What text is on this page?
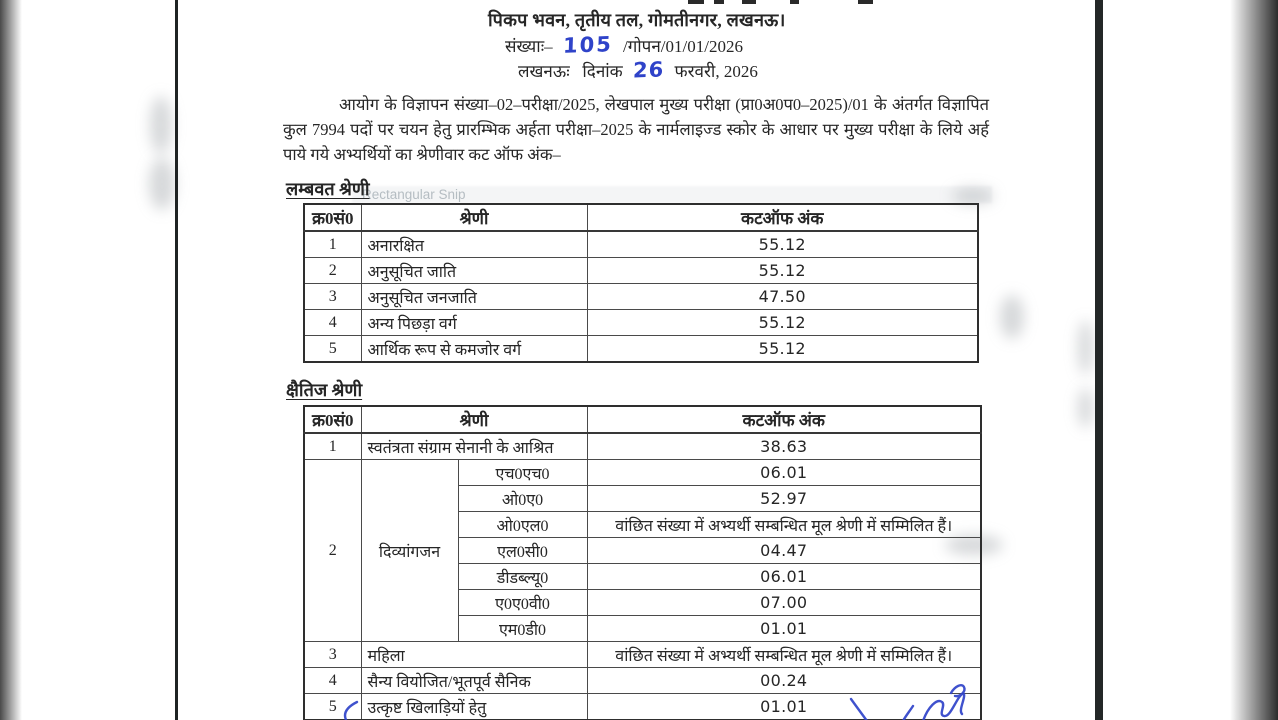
पिकप भवन, तृतीय तल, गोमतीनगर, लखनऊ।
संख्याः– 105 /गोपन/01/01/2026
लखनऊः दिनांक 26 फरवरी, 2026
आयोग के विज्ञापन संख्या–02–परीक्षा/2025, लेखपाल मुख्य परीक्षा (प्रा0अ0प0–2025)/01 के अंतर्गत विज्ञापित कुल 7994 पदों पर चयन हेतु प्रारम्भिक अर्हता परीक्षा–2025 के नार्मलाइज्ड स्कोर के आधार पर मुख्य परीक्षा के लिये अर्ह पाये गये अभ्यर्थियों का श्रेणीवार कट ऑफ अंक–
Rectangular Snip
लम्बवत श्रेणी
क्र0सं0	श्रेणी	कटऑफ अंक
1	अनारक्षित	55.12
2	अनुसूचित जाति	55.12
3	अनुसूचित जनजाति	47.50
4	अन्य पिछड़ा वर्ग	55.12
5	आर्थिक रूप से कमजोर वर्ग	55.12
क्षैतिज श्रेणी
क्र0सं0	श्रेणी		कटऑफ अंक
1	स्वतंत्रता संग्राम सेनानी के आश्रित		38.63
2	दिव्यांगजन	एच0एच0	06.01
		ओ0ए0	52.97
		ओ0एल0	वांछित संख्या में अभ्यर्थी सम्बन्धित मूल श्रेणी में सम्मिलित हैं।
		एल0सी0	04.47
		डीडब्ल्यू0	06.01
		ए0ए0वी0	07.00
		एम0डी0	01.01
3	महिला		वांछित संख्या में अभ्यर्थी सम्बन्धित मूल श्रेणी में सम्मिलित हैं।
4	सैन्य वियोजित/भूतपूर्व सैनिक		00.24
5	उत्कृष्ट खिलाड़ियों हेतु		01.01
